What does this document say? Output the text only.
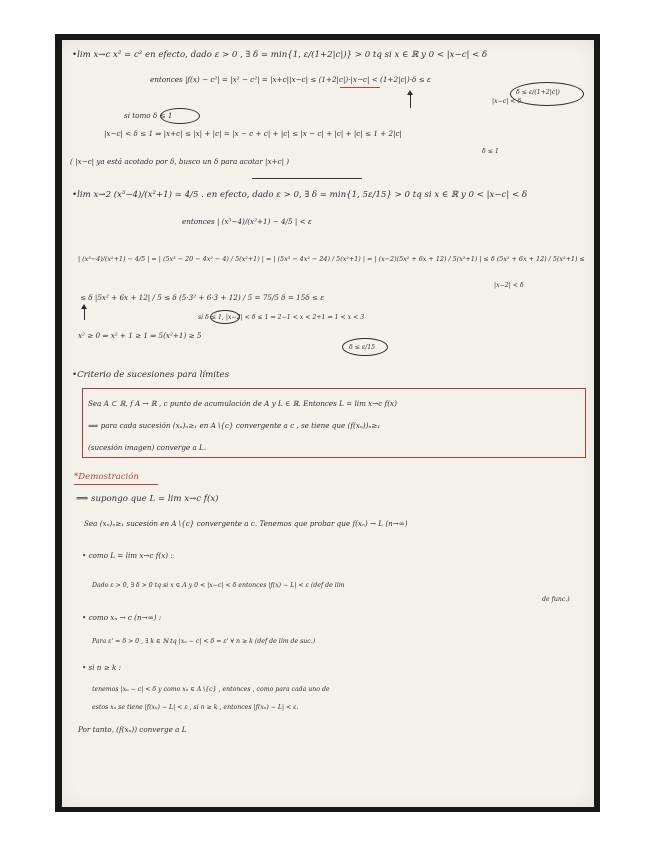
•lim x→c x² = c² en efecto, dado ε > 0 , ∃ δ = min{1, ε/(1+2|c|)} > 0 tq si x ∈ ℝ y 0 < |x−c| < δ
entonces |f(x) − c²| = |x² − c²| = |x+c||x−c| ≤ (1+2|c|)·|x−c| < (1+2|c|)·δ ≤ ε
|x−c| < δ
δ ≤ ε/(1+2|c|)
si tomo δ ≤ 1
|x−c| < δ ≤ 1 ⇒ |x+c| ≤ |x| + |c| = |x − c + c| + |c| ≤ |x − c| + |c| + |c| ≤ 1 + 2|c|
δ ≤ 1
( |x−c| ya está acotado por δ, busco un δ para acotar |x+c| )
•lim x→2 (x³−4)/(x²+1) = 4/5 . en efecto, dado ε > 0, ∃ δ = min{1, 5ε/15} > 0 tq si x ∈ ℝ y 0 < |x−c| < δ
entonces | (x³−4)/(x²+1) − 4/5 | < ε
| (x³−4)/(x²+1) − 4/5 | = | (5x³ − 20 − 4x² − 4) / 5(x²+1) | = | (5x³ − 4x² − 24) / 5(x²+1) | = | (x−2)(5x² + 6x + 12) / 5(x²+1) | ≤ δ (5x² + 6x + 12) / 5(x²+1) ≤
|x−2| < δ
≤ δ |5x² + 6x + 12| / 5 ≤ δ (5·3² + 6·3 + 12) / 5 = 75/5 δ = 15δ ≤ ε
si δ ≤ 1, |x−2| < δ ≤ 1 ⇒ 2−1 < x < 2+1 ⇒ 1 < x < 3
x² ≥ 0 ⇒ x² + 1 ≥ 1 ⇒ 5(x²+1) ≥ 5
δ ≤ ε/15
•Criterio de sucesiones para límites
Sea A ⊂ ℝ, f A → ℝ , c punto de acumulación de A y L ∈ ℝ. Entonces L = lim x→c f(x)
⟺ para cada sucesión (xₙ)ₙ≥₁ en A∖{c} convergente a c , se tiene que (f(xₙ))ₙ≥₁
(sucesión imagen) converge a L.
*Demostración
⟹ supongo que L = lim x→c f(x)
Sea (xₙ)ₙ≥₁ sucesión en A∖{c} convergente a c. Tenemos que probar que f(xₙ) → L (n→∞)
• como L = lim x→c f(x) :
Dado ε > 0, ∃ δ > 0 tq si x ∈ A y 0 < |x−c| < δ entonces |f(x) − L| < ε (def de lím
de func.)
• como xₙ → c (n→∞) :
Para ε' = δ > 0 , ∃ k ∈ ℕ tq |xₙ − c| < δ = ε' ∀ n ≥ k (def de lím de suc.)
• si n ≥ k :
tenemos |xₙ − c| < δ y como xₙ ∈ A∖{c} , entonces , como para cada uno de
estos xₙ se tiene |f(xₙ) − L| < ε , si n ≥ k , entonces |f(xₙ) − L| < ε.
Por tanto, (f(xₙ)) converge a L
